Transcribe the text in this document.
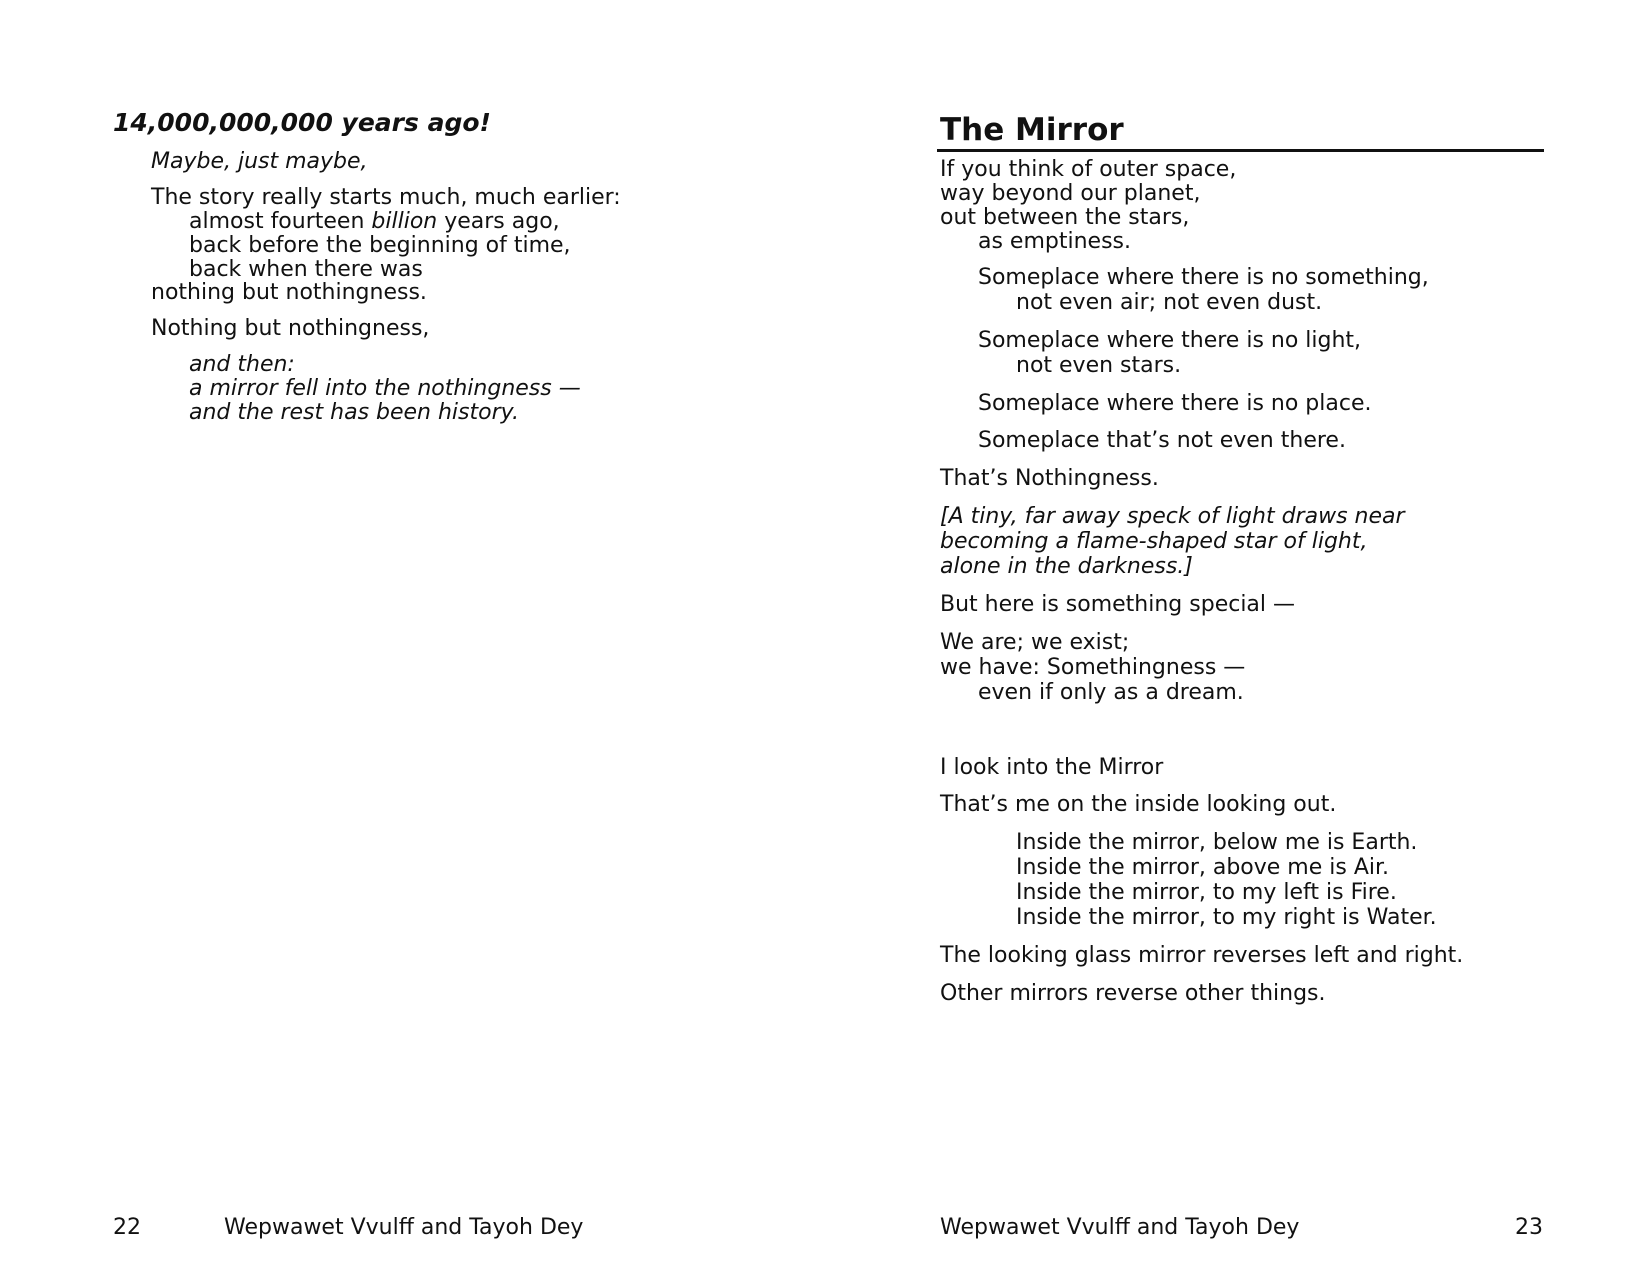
14,000,000,000 years ago!
Maybe, just maybe,
The story really starts much, much earlier:
almost fourteen billion years ago,
back before the beginning of time,
back when there was
nothing but nothingness.
Nothing but nothingness,
and then:
a mirror fell into the nothingness —
and the rest has been history.
22	Wepwawet Vvulff and Tayoh Dey
The Mirror
If you think of outer space,
way beyond our planet,
out between the stars,
as emptiness.
Someplace where there is no something,
not even air; not even dust.
Someplace where there is no light,
not even stars.
Someplace where there is no place.
Someplace that’s not even there.
That’s Nothingness.
[A tiny, far away speck of light draws near
becoming a flame-shaped star of light,
alone in the darkness.]
But here is something special —
We are; we exist;
we have: Somethingness —
even if only as a dream.
I look into the Mirror
That’s me on the inside looking out.
Inside the mirror, below me is Earth.
Inside the mirror, above me is Air.
Inside the mirror, to my left is Fire.
Inside the mirror, to my right is Water.
The looking glass mirror reverses left and right.
Other mirrors reverse other things.
Wepwawet Vvulff and Tayoh Dey	23
